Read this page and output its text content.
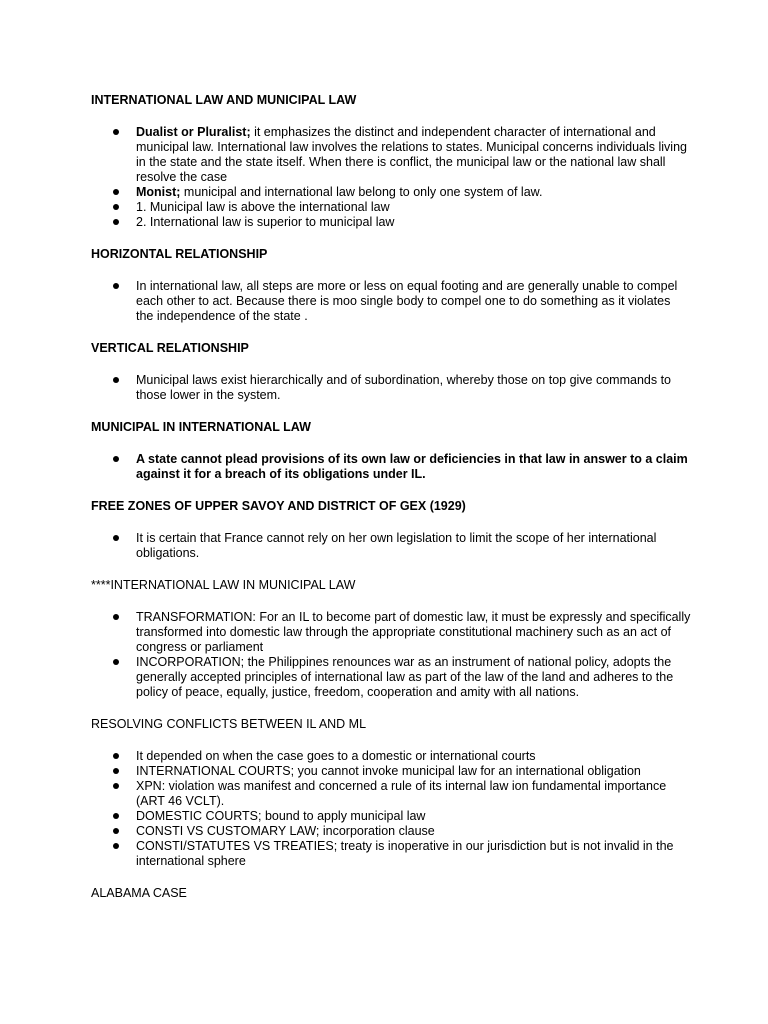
INTERNATIONAL LAW AND MUNICIPAL LAW
Dualist or Pluralist; it emphasizes the distinct and independent character of international and municipal law. International law involves the relations to states. Municipal concerns individuals living in the state and the state itself. When there is conflict, the municipal law or the national law shall resolve the case
Monist; municipal and international law belong to only one system of law.
1. Municipal law is above the international law
2. International law is superior to municipal law
HORIZONTAL RELATIONSHIP
In international law, all steps are more or less on equal footing and are generally unable to compel each other to act. Because there is moo single body to compel one to do something as it violates the independence of the state .
VERTICAL RELATIONSHIP
Municipal laws exist hierarchically and of subordination, whereby those on top give commands to those lower in the system.
MUNICIPAL IN INTERNATIONAL LAW
A state cannot plead provisions of its own law or deficiencies in that law in answer to a claim against it for a breach of its obligations under IL.
FREE ZONES OF UPPER SAVOY AND DISTRICT OF GEX (1929)
It is certain that France cannot rely on her own legislation to limit the scope of her international obligations.
****INTERNATIONAL LAW IN MUNICIPAL LAW
TRANSFORMATION: For an IL to become part of domestic law, it must be expressly and specifically transformed into domestic law through the appropriate constitutional machinery such as an act of congress or parliament
INCORPORATION; the Philippines renounces war as an instrument of national policy, adopts the generally accepted principles of international law as part of the law of the land and adheres to the policy of peace, equally, justice, freedom, cooperation and amity with all nations.
RESOLVING CONFLICTS BETWEEN IL AND ML
It depended on when the case goes to a domestic or international courts
INTERNATIONAL COURTS; you cannot invoke municipal law for an international obligation
XPN: violation was manifest and concerned a rule of its internal law ion fundamental importance (ART 46 VCLT).
DOMESTIC COURTS; bound to apply municipal law
CONSTI VS CUSTOMARY LAW; incorporation clause
CONSTI/STATUTES VS TREATIES; treaty is inoperative in our jurisdiction but is not invalid in the international sphere
ALABAMA CASE
